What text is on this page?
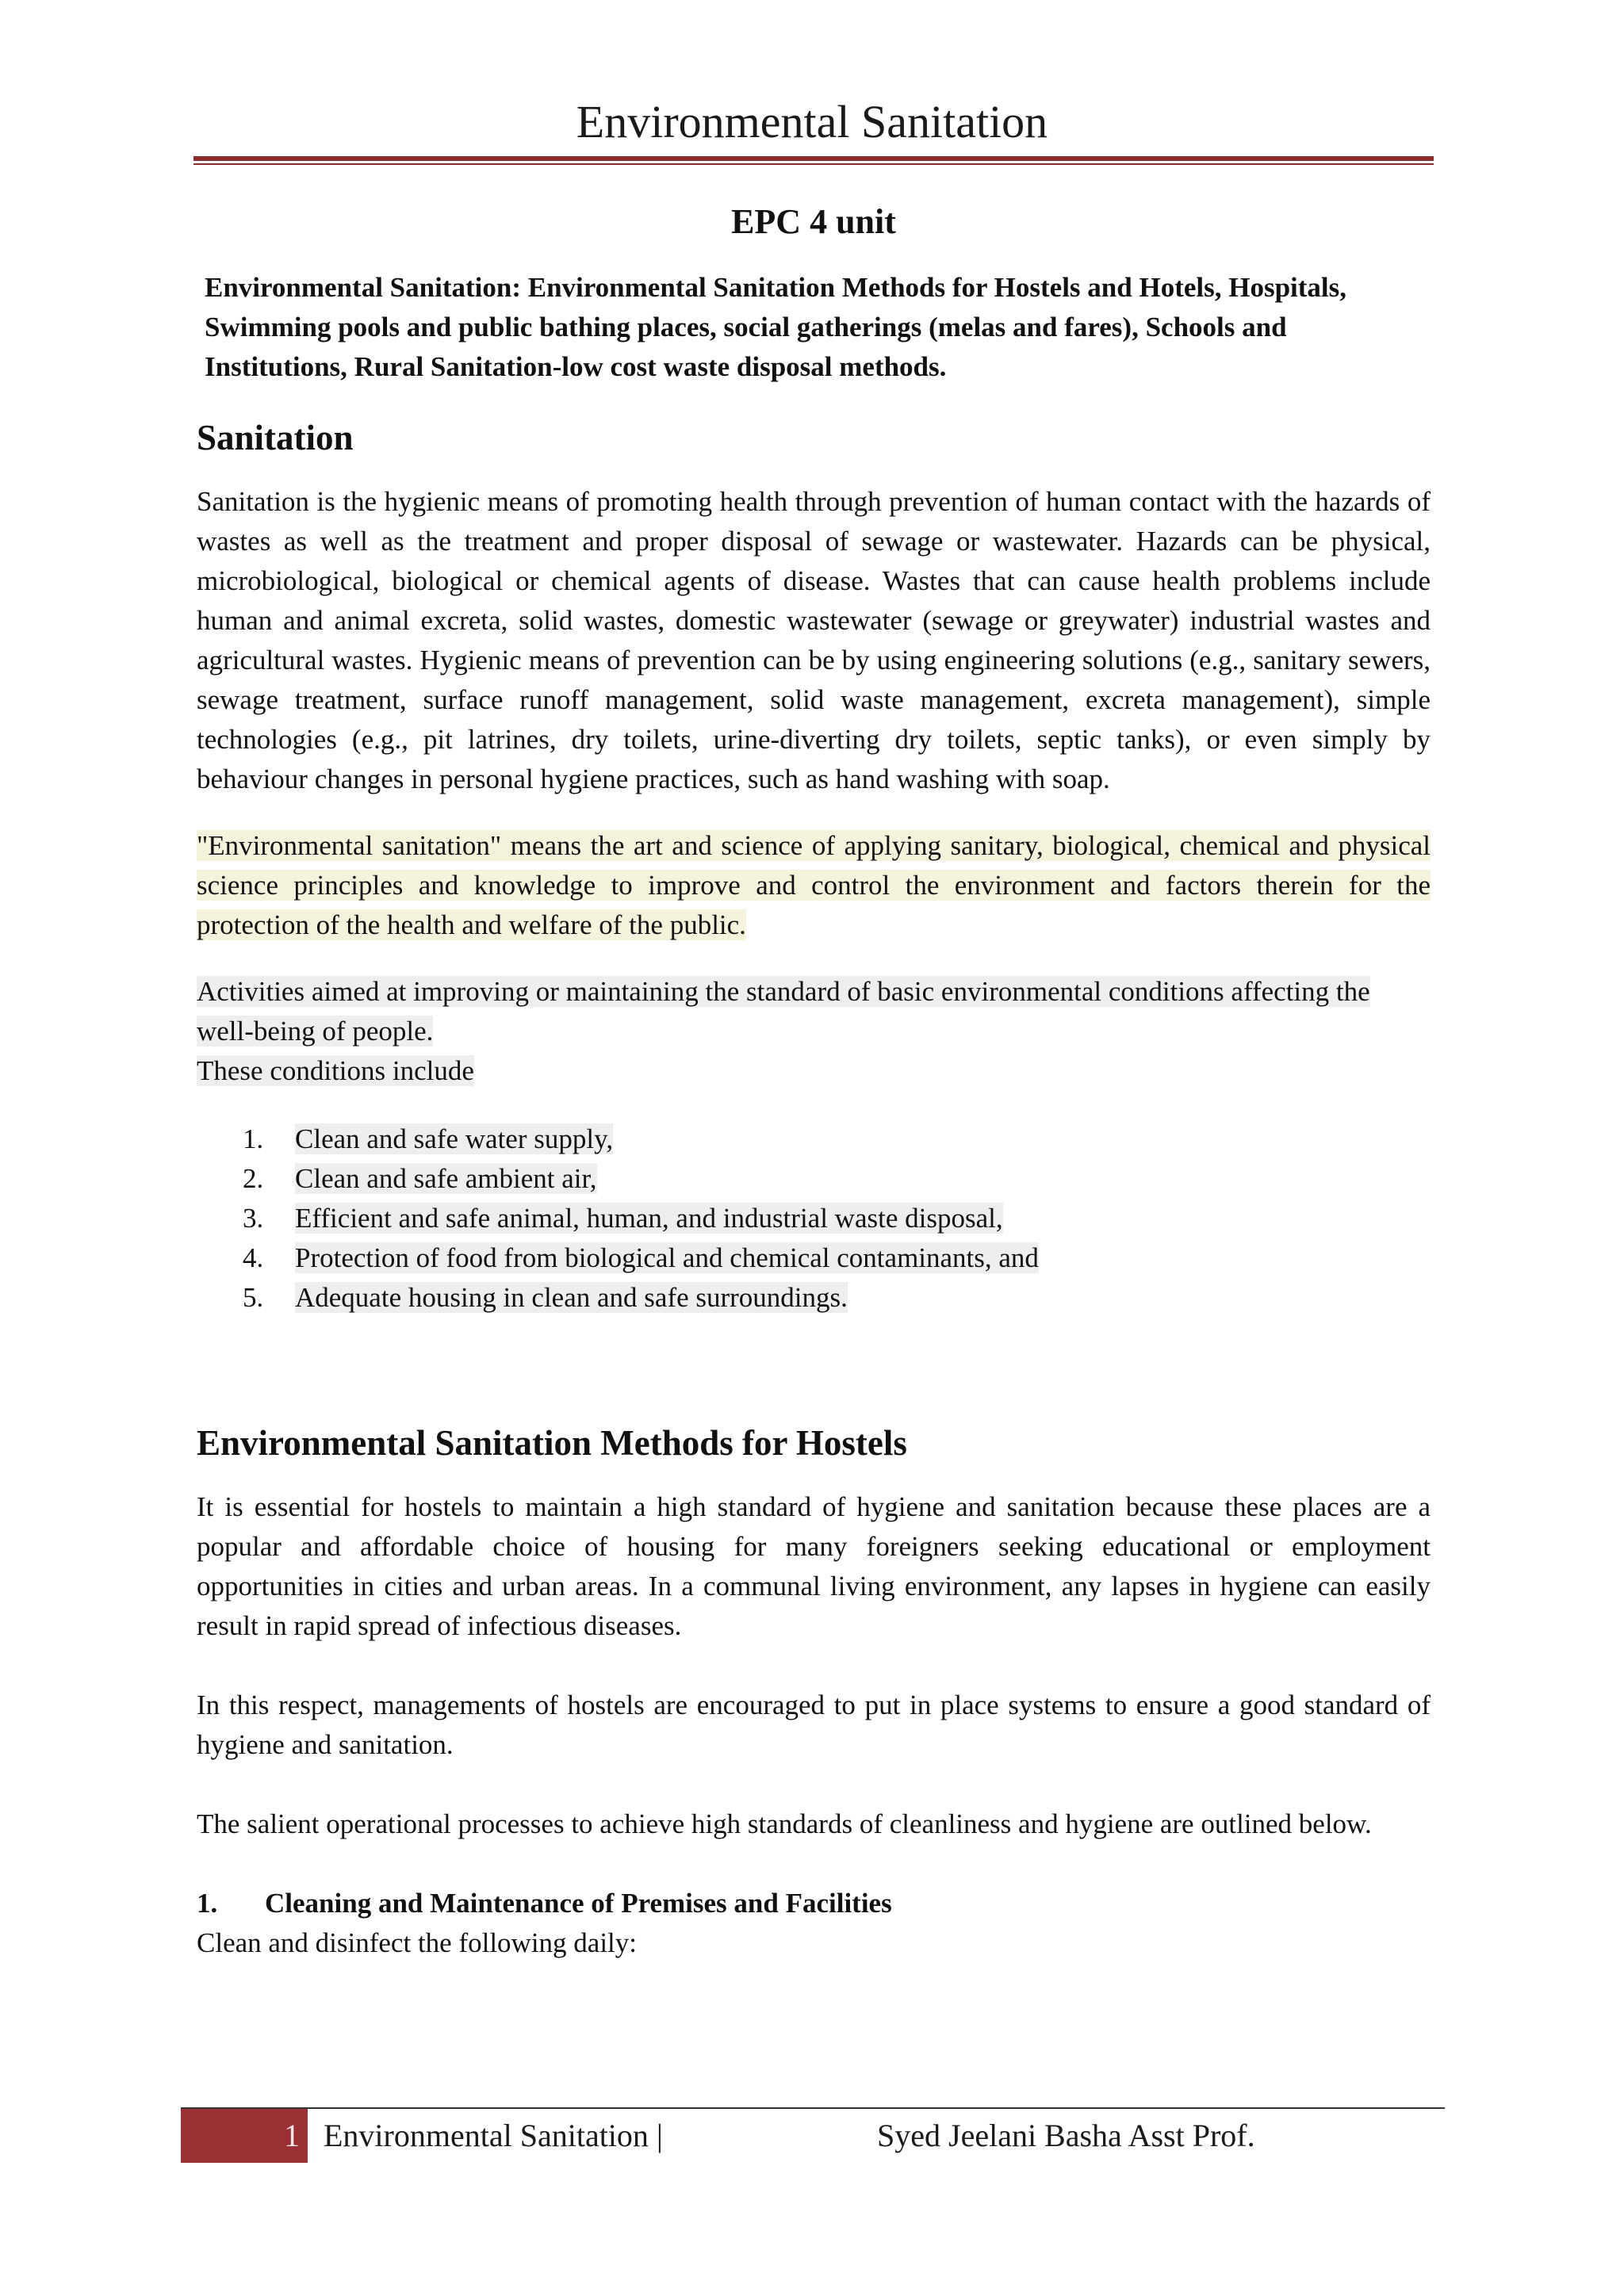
Environmental Sanitation
EPC 4 unit
Environmental Sanitation: Environmental Sanitation Methods for Hostels and Hotels, Hospitals, Swimming pools and public bathing places, social gatherings (melas and fares), Schools and Institutions, Rural Sanitation-low cost waste disposal methods.
Sanitation

Sanitation is the hygienic means of promoting health through prevention of human contact with the hazards of wastes as well as the treatment and proper disposal of sewage or wastewater. Hazards can be physical, microbiological, biological or chemical agents of disease. Wastes that can cause health problems include human and animal excreta, solid wastes, domestic wastewater (sewage or greywater) industrial wastes and agricultural wastes. Hygienic means of prevention can be by using engineering solutions (e.g., sanitary sewers, sewage treatment, surface runoff management, solid waste management, excreta management), simple technologies (e.g., pit latrines, dry toilets, urine-diverting dry toilets, septic tanks), or even simply by behaviour changes in personal hygiene practices, such as hand washing with soap.

"Environmental sanitation" means the art and science of applying sanitary, biological, chemical and physical science principles and knowledge to improve and control the environment and factors therein for the protection of the health and welfare of the public.

Activities aimed at improving or maintaining the standard of basic environmental conditions affecting the well-being of people.
These conditions include

1.	Clean and safe water supply,
2.	Clean and safe ambient air,
3.	Efficient and safe animal, human, and industrial waste disposal,
4.	Protection of food from biological and chemical contaminants, and
5.	Adequate housing in clean and safe surroundings.
Environmental Sanitation Methods for Hostels

It is essential for hostels to maintain a high standard of hygiene and sanitation because these places are a popular and affordable choice of housing for many foreigners seeking educational or employment opportunities in cities and urban areas. In a communal living environment, any lapses in hygiene can easily result in rapid spread of infectious diseases.

In this respect, managements of hostels are encouraged to put in place systems to ensure a good standard of hygiene and sanitation.

The salient operational processes to achieve high standards of cleanliness and hygiene are outlined below.

1. Cleaning and Maintenance of Premises and Facilities

Clean and disinfect the following daily:

1 Environmental Sanitation |	Syed Jeelani Basha Asst Prof.
